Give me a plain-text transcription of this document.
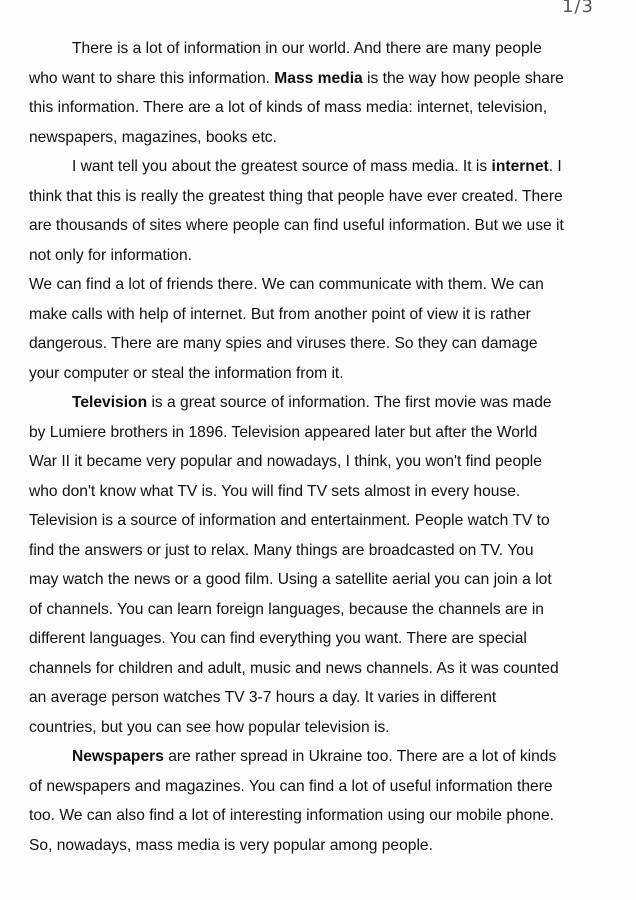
1/3
There is a lot of information in our world. And there are many people
who want to share this information. Mass media is the way how people share
this information. There are a lot of kinds of mass media: internet, television,
newspapers, magazines, books etc.
I want tell you about the greatest source of mass media. It is internet. I
think that this is really the greatest thing that people have ever created. There
are thousands of sites where people can find useful information. But we use it
not only for information.
We can find a lot of friends there. We can communicate with them. We can
make calls with help of internet. But from another point of view it is rather
dangerous. There are many spies and viruses there. So they can damage
your computer or steal the information from it.
Television is a great source of information. The first movie was made
by Lumiere brothers in 1896. Television appeared later but after the World
War II it became very popular and nowadays, I think, you won't find people
who don't know what TV is. You will find TV sets almost in every house.
Television is a source of information and entertainment. People watch TV to
find the answers or just to relax. Many things are broadcasted on TV. You
may watch the news or a good film. Using a satellite aerial you can join a lot
of channels. You can learn foreign languages, because the channels are in
different languages. You can find everything you want. There are special
channels for children and adult, music and news channels. As it was counted
an average person watches TV 3-7 hours a day. It varies in different
countries, but you can see how popular television is.
Newspapers are rather spread in Ukraine too. There are a lot of kinds
of newspapers and magazines. You can find a lot of useful information there
too. We can also find a lot of interesting information using our mobile phone.
So, nowadays, mass media is very popular among people.
